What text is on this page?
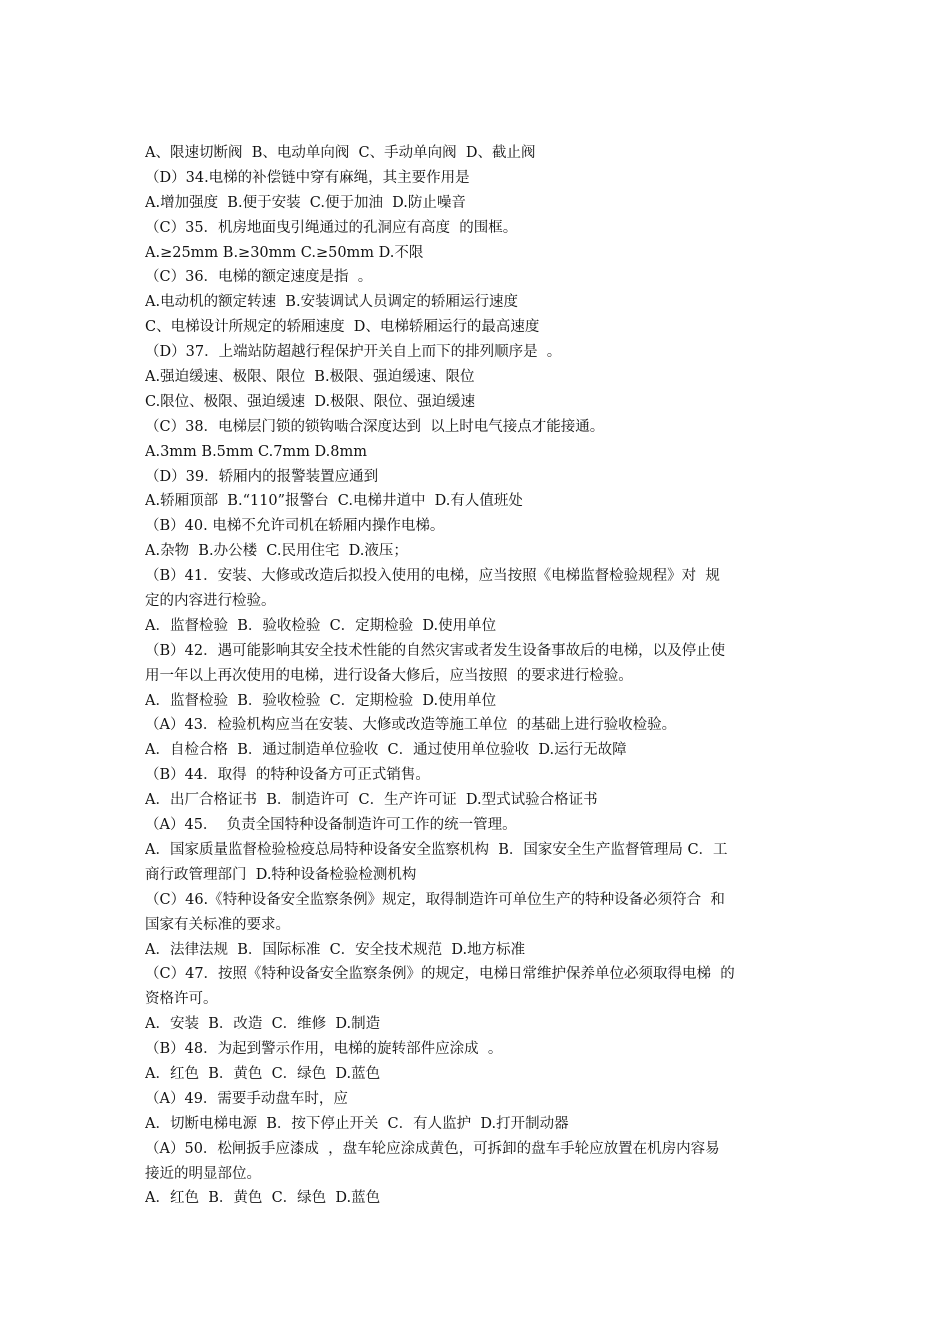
A、限速切断阀  B、电动单向阀  C、手动单向阀  D、截止阀
（D）34.电梯的补偿链中穿有麻绳，其主要作用是
A.增加强度  B.便于安装  C.便于加油  D.防止噪音
（C）35．机房地面曳引绳通过的孔洞应有高度  的围框。
A.≥25mm B.≥30mm C.≥50mm D.不限
（C）36．电梯的额定速度是指  。
A.电动机的额定转速  B.安装调试人员调定的轿厢运行速度
C、电梯设计所规定的轿厢速度  D、电梯轿厢运行的最高速度
（D）37．上端站防超越行程保护开关自上而下的排列顺序是  。
A.强迫缓速、极限、限位  B.极限、强迫缓速、限位
C.限位、极限、强迫缓速  D.极限、限位、强迫缓速
（C）38．电梯层门锁的锁钩啮合深度达到  以上时电气接点才能接通。
A.3mm B.5mm C.7mm D.8mm
（D）39．轿厢内的报警装置应通到
A.轿厢顶部  B.“110”报警台  C.电梯井道中  D.有人值班处
（B）40. 电梯不允许司机在轿厢内操作电梯。
A.杂物  B.办公楼  C.民用住宅  D.液压；
（B）41．安装、大修或改造后拟投入使用的电梯，应当按照《电梯监督检验规程》对  规
定的内容进行检验。
A．监督检验  B．验收检验  C．定期检验  D.使用单位
（B）42．遇可能影响其安全技术性能的自然灾害或者发生设备事故后的电梯，以及停止使
用一年以上再次使用的电梯，进行设备大修后，应当按照  的要求进行检验。
A．监督检验  B．验收检验  C．定期检验  D.使用单位
（A）43．检验机构应当在安装、大修或改造等施工单位  的基础上进行验收检验。
A．自检合格  B．通过制造单位验收  C．通过使用单位验收  D.运行无故障
（B）44．取得  的特种设备方可正式销售。
A．出厂合格证书  B．制造许可  C．生产许可证  D.型式试验合格证书
（A）45．  负责全国特种设备制造许可工作的统一管理。
A．国家质量监督检验检疫总局特种设备安全监察机构  B．国家安全生产监督管理局 C．工
商行政管理部门  D.特种设备检验检测机构
（C）46.《特种设备安全监察条例》规定，取得制造许可单位生产的特种设备必须符合  和
国家有关标准的要求。
A．法律法规  B．国际标准  C．安全技术规范  D.地方标准
（C）47．按照《特种设备安全监察条例》的规定，电梯日常维护保养单位必须取得电梯  的
资格许可。
A．安装  B．改造  C．维修  D.制造
（B）48．为起到警示作用，电梯的旋转部件应涂成  。
A．红色  B．黄色  C．绿色  D.蓝色
（A）49．需要手动盘车时，应
A．切断电梯电源  B．按下停止开关  C．有人监护  D.打开制动器
（A）50．松闸扳手应漆成  ，盘车轮应涂成黄色，可拆卸的盘车手轮应放置在机房内容易
接近的明显部位。
A．红色  B．黄色  C．绿色  D.蓝色
